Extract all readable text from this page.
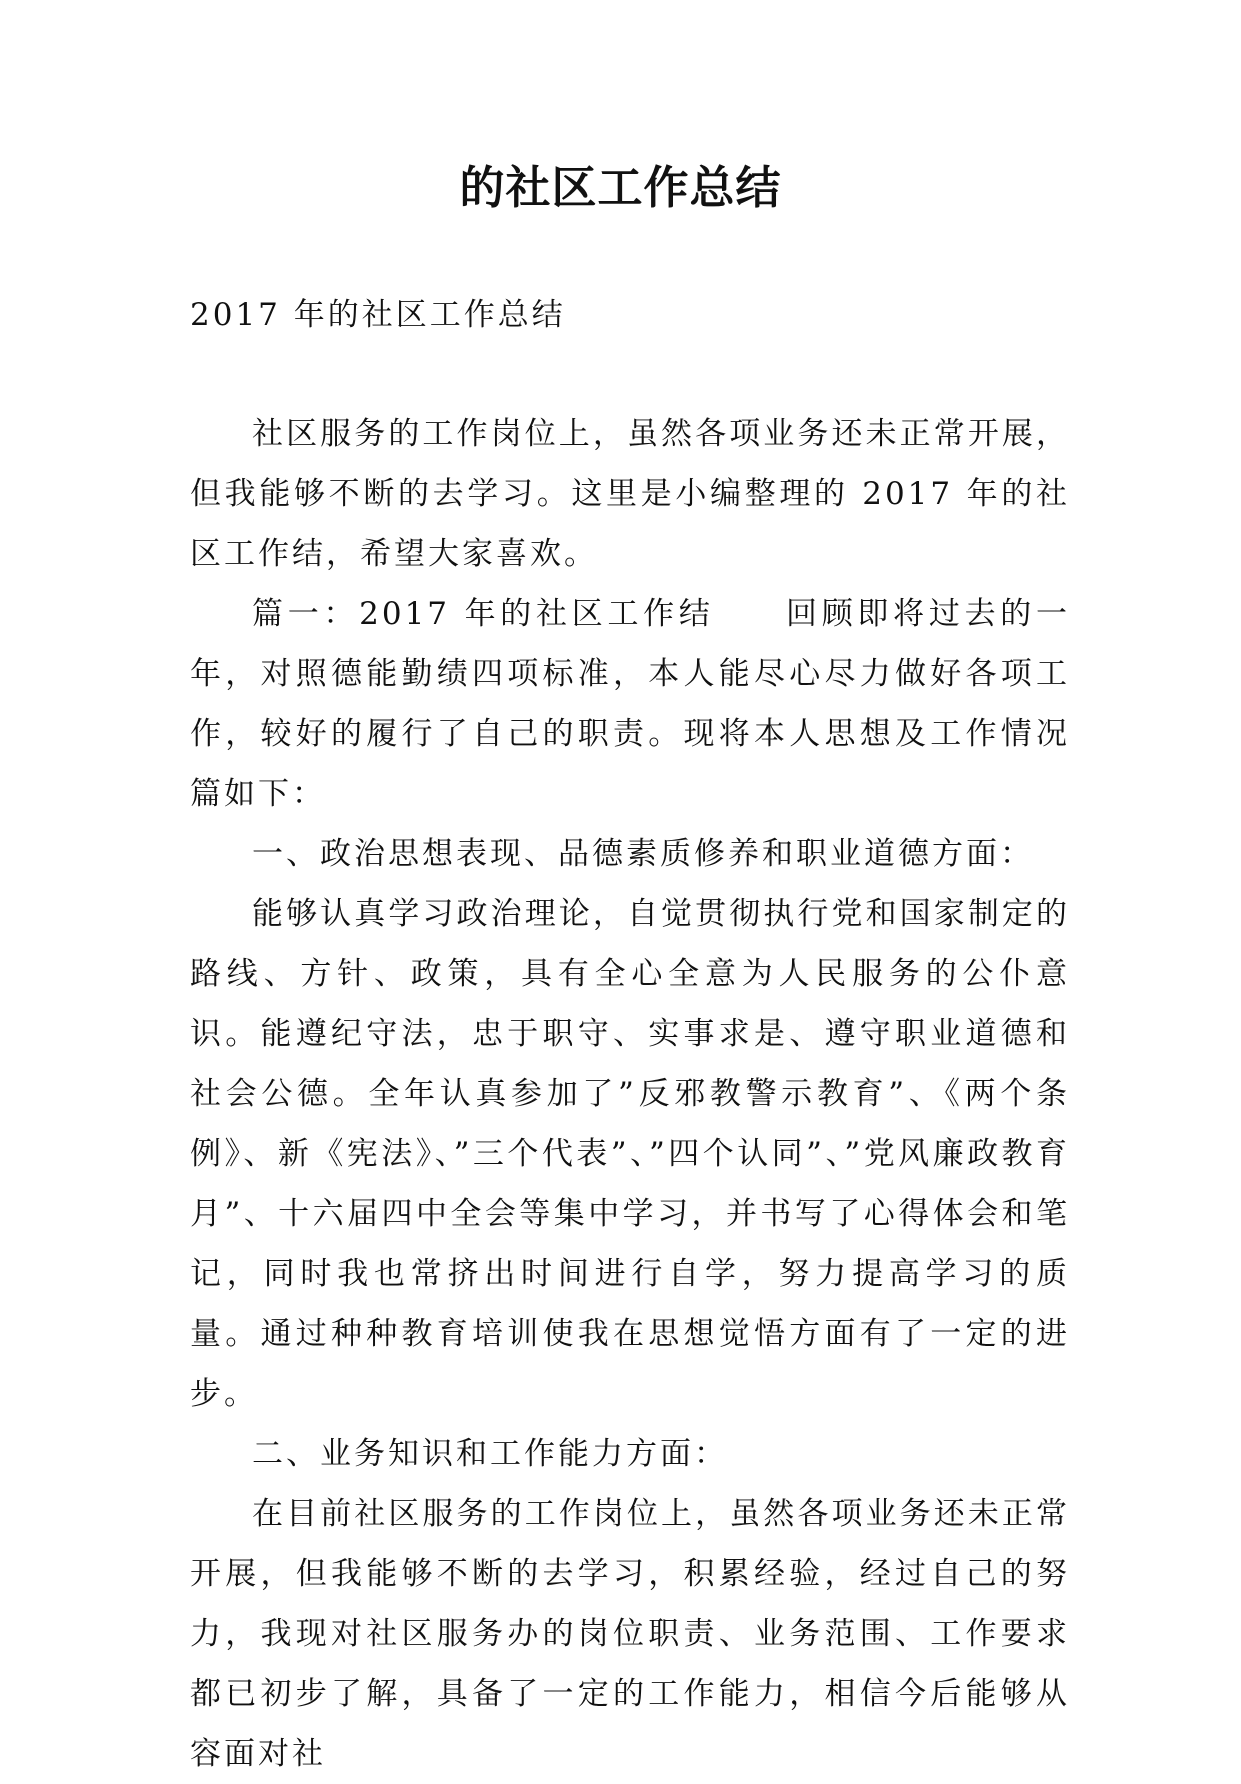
的社区工作总结
2017 年的社区工作总结

社区服务的工作岗位上，虽然各项业务还未正常开展，但我能够不断的去学习。这里是小编整理的 2017 年的社区工作结，希望大家喜欢。

篇一：2017 年的社区工作结　　回顾即将过去的一年，对照德能勤绩四项标准，本人能尽心尽力做好各项工作，较好的履行了自己的职责。现将本人思想及工作情况篇如下：

一、政治思想表现、品德素质修养和职业道德方面：

能够认真学习政治理论，自觉贯彻执行党和国家制定的路线、方针、政策，具有全心全意为人民服务的公仆意识。能遵纪守法，忠于职守、实事求是、遵守职业道德和社会公德。全年认真参加了”反邪教警示教育”、《两个条例》、新《宪法》、”三个代表”、”四个认同”、”党风廉政教育月”、十六届四中全会等集中学习，并书写了心得体会和笔记，同时我也常挤出时间进行自学，努力提高学习的质量。通过种种教育培训使我在思想觉悟方面有了一定的进步。

二、业务知识和工作能力方面：

在目前社区服务的工作岗位上，虽然各项业务还未正常开展，但我能够不断的去学习，积累经验，经过自己的努力，我现对社区服务办的岗位职责、业务范围、工作要求都已初步了解，具备了一定的工作能力，相信今后能够从容面对社
